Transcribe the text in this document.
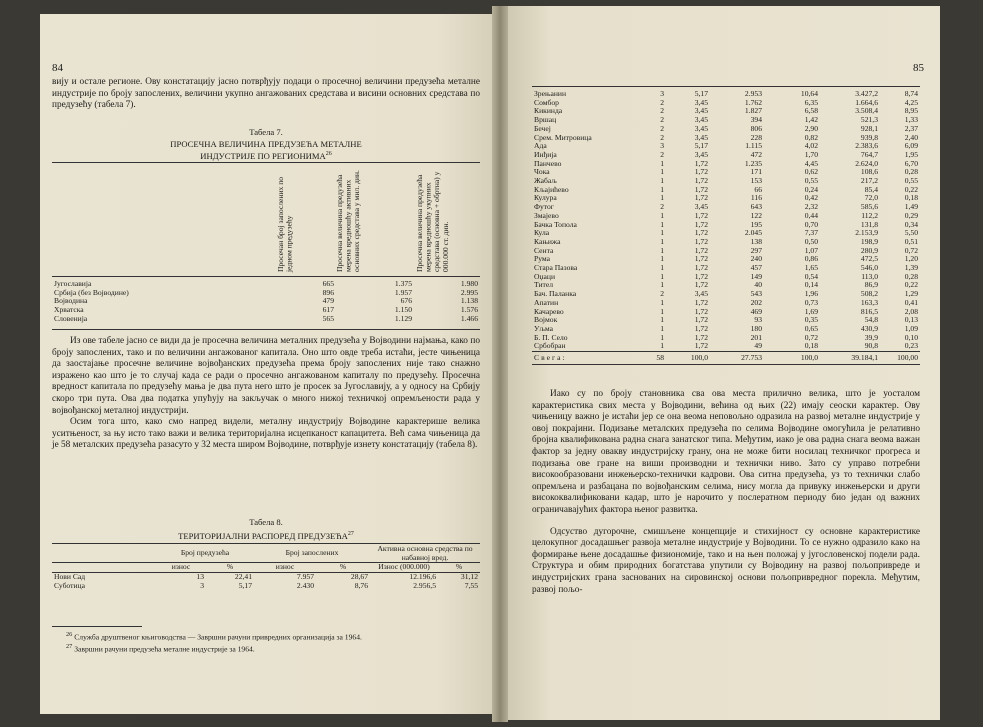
84

вију и остале регионе. Ову констатацију јасно потврђују подаци о просечној величини предузећа металне индустрије по броју запослених, величини укупно ангажованих средстава и висини основних средстава по предузећу (табела 7).

Табела 7.
ПРОСЕЧНА ВЕЛИЧИНА ПРЕДУЗЕЋА МЕТАЛНЕ
ИНДУСТРИЈЕ ПО РЕГИОНИМА$^{26}$
Просечан број запослених по једном предузећу	Просечна величина предузећа мерена вредношћу активних основних средстава у мил. дин.	Просечна величина предузећа мерена вредношћу укупних средстава (основна + обртна) у 000.000 ст. дин.
Југославија	665	1.375	1.980
Србија (без Војводине)	896	1.957	2.995
Војводина	479	676	1.138
Хрватска	617	1.150	1.576
Словенија	565	1.129	1.466

Из ове табеле јасно се види да је просечна величина металних предузећа у Војводини најмања, како по броју запослених, тако и по величини ангажованог капитала. Оно што овде треба истаћи, јесте чињеница да заостајање просечне величине војвођанских предузећа према броју запослених није тако снажно изражено као што је то случај када се ради о просечно ангажованом капиталу по предузећу. Просечна вредност капитала по предузећу мања је два пута него што је просек за Југославију, а у односу на Србију скоро три пута. Ова два податка упућују на закључак о много нижој техничкој опремљености рада у војвођанској металној индустрији.

Осим тога што, како смо напред видели, металну индустрију Војводине карактерише велика уситњеност, за њу исто тако важи и велика територијална исцепканост капацитета. Већ сама чињеница да је 58 металских предузећа разасуто у 32 места широм Војводине, потврђује изнету констатацију (табела 8).

Табела 8.
ТЕРИТОРИЈАЛНИ РАСПОРЕД ПРЕДУЗЕЋА$^{27}$
	Број предузећа		Број запослених		Активна основна средства по набавној вред.	
	износ	%	износ	%	Износ (000.000)	%
Нови Сад	13	22,41	7.957	28,67	12.196,6	31,12
Суботица	3	5,17	2.430	8,76	2.956,5	7,55
$^{26}$ Служба друштвеног књиговодства — Завршни рачуни привредних организација за 1964.
$^{27}$ Завршни рачуни предузећа металне индустрије за 1964.
85
Зрењанин	3	5,17	2.953	10,64	3.427,2	8,74
Сомбор	2	3,45	1.762	6,35	1.664,6	4,25
Кикинда	2	3,45	1.827	6,58	3.508,4	8,95
Вршац	2	3,45	394	1,42	521,3	1,33
Бечеј	2	3,45	806	2,90	928,1	2,37
Срем. Митровица	2	3,45	228	0,82	939,8	2,40
Ада	3	5,17	1.115	4,02	2.383,6	6,09
Инђија	2	3,45	472	1,70	764,7	1,95
Панчево	1	1,72	1.235	4,45	2.624,0	6,70
Чока	1	1,72	171	0,62	108,6	0,28
Жабаљ	1	1,72	153	0,55	217,2	0,55
Кљајићево	1	1,72	66	0,24	85,4	0,22
Кулура	1	1,72	116	0,42	72,0	0,18
Футог	2	3,45	643	2,32	585,6	1,49
Змајево	1	1,72	122	0,44	112,2	0,29
Бачка Топола	1	1,72	195	0,70	131,8	0,34
Кула	1	1,72	2.045	7,37	2.153,9	5,50
Кањижа	1	1,72	138	0,50	198,9	0,51
Сента	1	1,72	297	1,07	280,9	0,72
Рума	1	1,72	240	0,86	472,5	1,20
Стара Пазова	1	1,72	457	1,65	546,0	1,39
Оџаци	1	1,72	149	0,54	113,0	0,28
Тител	1	1,72	40	0,14	86,9	0,22
Бач. Паланка	2	3,45	543	1,96	508,2	1,29
Апатин	1	1,72	202	0,73	163,3	0,41
Качарево	1	1,72	469	1,69	816,5	2,08
Војмок	1	1,72	93	0,35	54,8	0,13
Уљма	1	1,72	180	0,65	430,9	1,09
Б. П. Село	1	1,72	201	0,72	39,9	0,10
Србобран	1	1,72	49	0,18	90,8	0,23
Свега:	58	100,0	27.753	100,0	39.184,1	100,00

Иако су по броју становника сва ова места прилично велика, што је уосталом карактеристика свих места у Војводини, већина од њих (22) имају сеоски карактер. Ову чињеницу важно је истаћи јер се она веома неповољно одразила на развој металне индустрије у овој покрајини. Подизање металских предузећа по селима Војводине омогућила је релативно бројна квалификована радна снага занатског типа. Међутим, иако је ова радна снага веома важан фактор за једну овакву индустријску грану, она не може бити носилац техничког прогреса и подизања ове гране на виши производни и технички ниво. Зато су управо потребни високообразовани инжењерско-технички кадрови. Ова ситна предузећа, уз то технички слабо опремљена и разбацана по војвођанским селима, нису могла да привуку инжењерски и други висококвалификовани кадар, што је нарочито у послератном периоду био један од важних ограничавајућих фактора њеног развитка.

Одсуство дугорочне, смишљене концепције и стихијност су основне карактеристике целокупног досадашњег развоја металне индустрије у Војводини. То се нужно одразило како на формирање њене досадашње физиономије, тако и на њен положај у југословенској подели рада. Структура и обим природних богатстава упутили су Војводину на развој пољопривреде и индустријских грана заснованих на сировинској основи пољопривредног порекла. Међутим, развој пољо-
